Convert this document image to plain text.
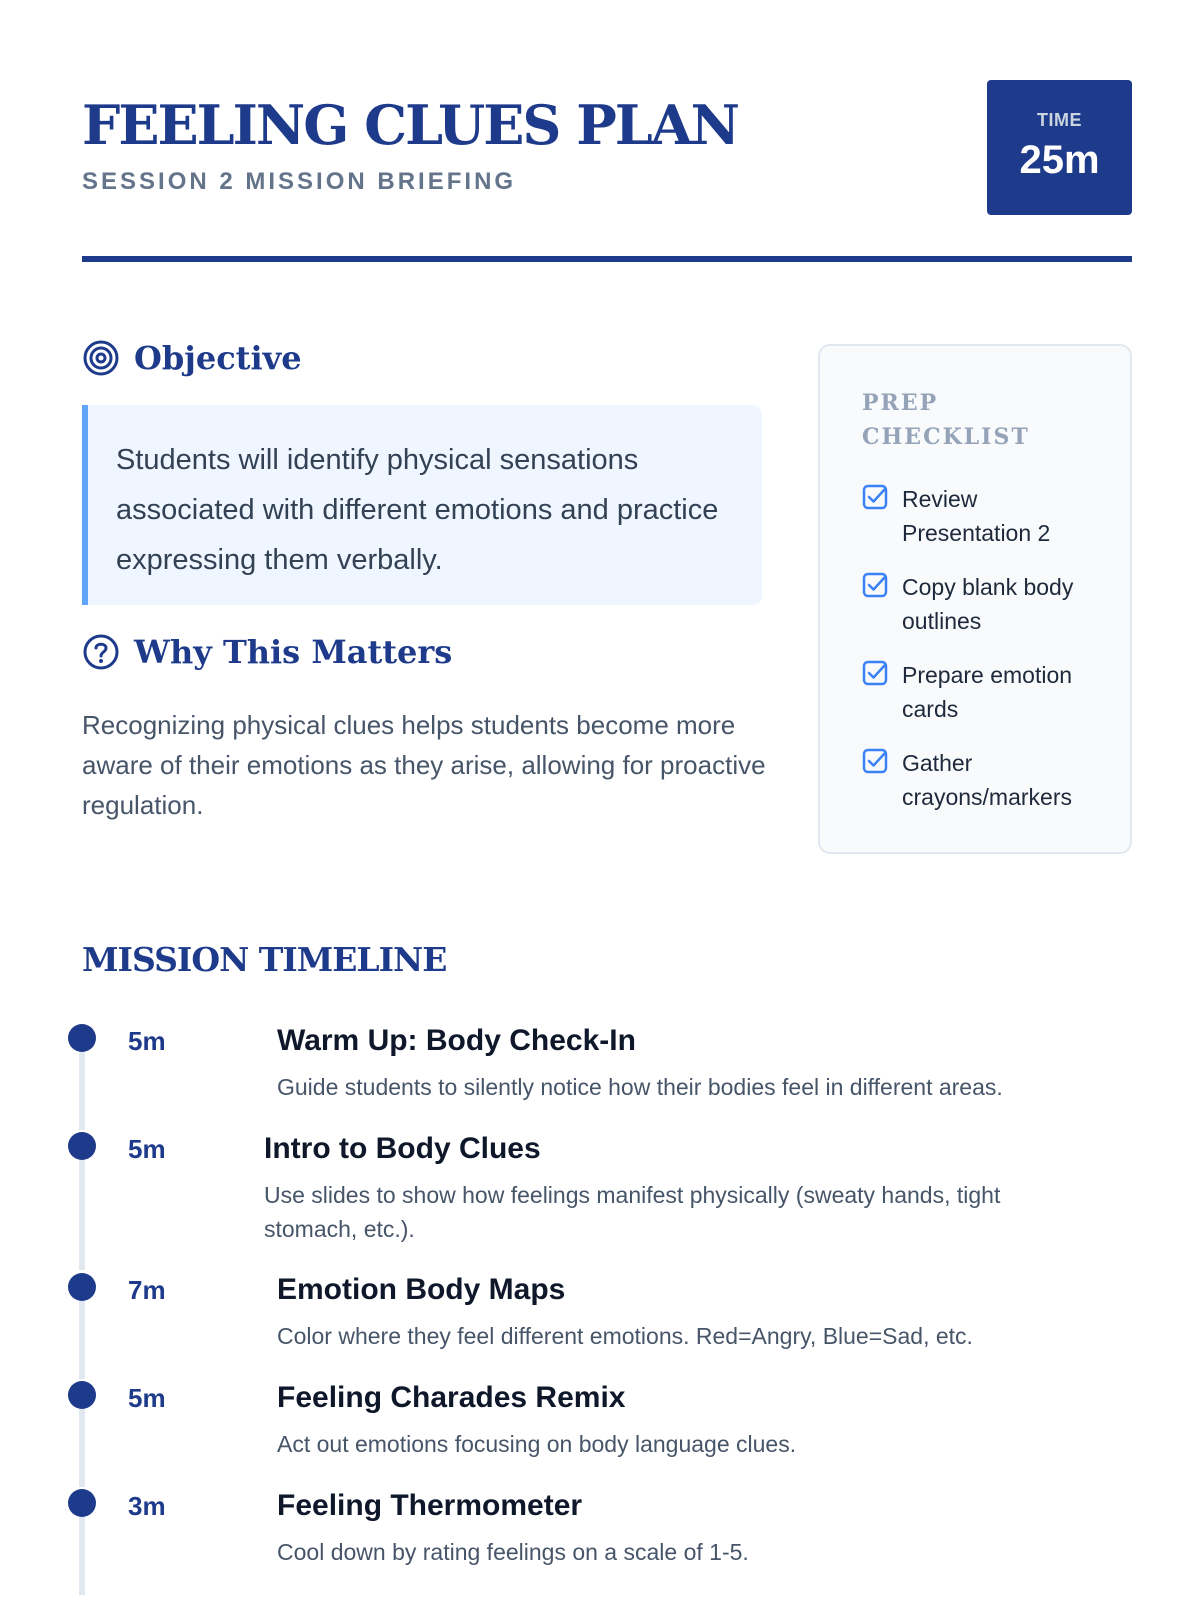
FEELING CLUES PLAN
SESSION 2 MISSION BRIEFING
TIME
25m
Objective

Students will identify physical sensations associated with different emotions and practice expressing them verbally.

Why This Matters

Recognizing physical clues helps students become more aware of their emotions as they arise, allowing for proactive regulation.

PREP CHECKLIST
Review Presentation 2
Copy blank body outlines
Prepare emotion cards
Gather crayons/markers
MISSION TIMELINE
5m	Warm Up: Body Check-In
Guide students to silently notice how their bodies feel in different areas.
5m	Intro to Body Clues
Use slides to show how feelings manifest physically (sweaty hands, tight stomach, etc.).
7m	Emotion Body Maps
Color where they feel different emotions. Red=Angry, Blue=Sad, etc.
5m	Feeling Charades Remix
Act out emotions focusing on body language clues.
3m	Feeling Thermometer
Cool down by rating feelings on a scale of 1-5.
